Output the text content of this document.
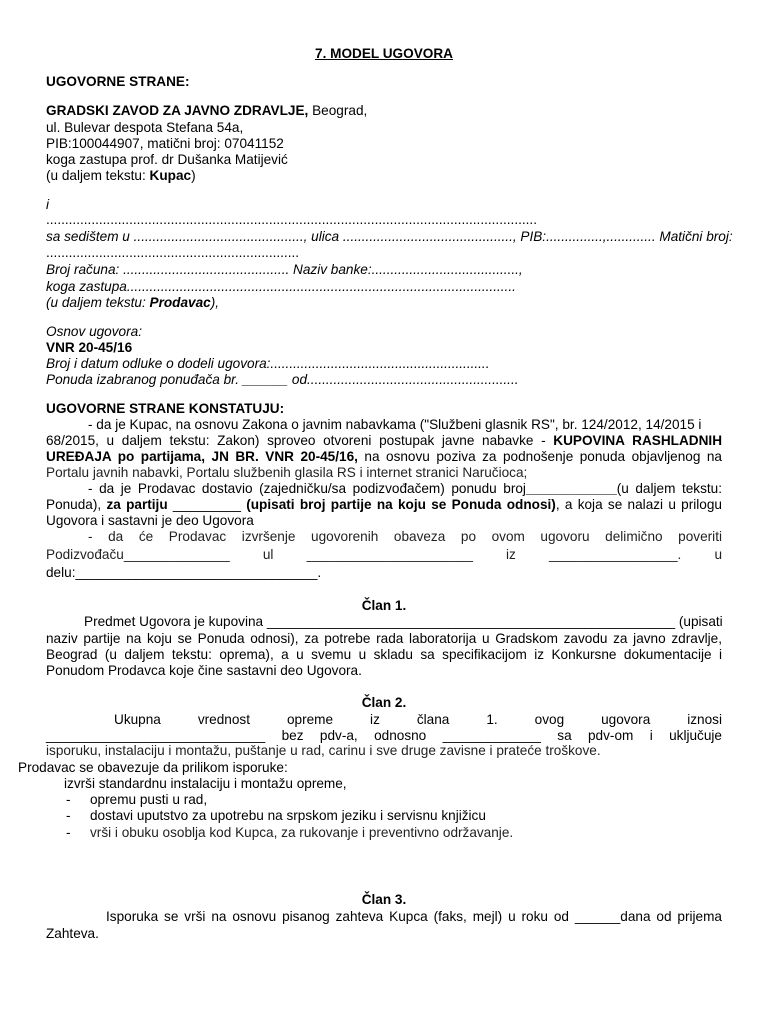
7. MODEL UGOVORA
UGOVORNE STRANE:
GRADSKI ZAVOD ZA JAVNO ZDRAVLJE, Beograd,
ul. Bulevar despota Stefana 54a,
PIB:100044907, matični broj: 07041152
koga zastupa prof. dr Dušanka Matijević
(u daljem tekstu: Kupac)
i
..................................................................................................................................
sa sedištem u ............................................., ulica ............................................., PIB:...............,............. Matični broj:
...................................................................
Broj računa: ............................................ Naziv banke:.......................................,
koga zastupa.......................................................................................................
(u daljem tekstu: Prodavac),
Osnov ugovora:
VNR 20-45/16
Broj i datum odluke o dodeli ugovora:..........................................................
Ponuda izabranog ponuđača br. ______ od........................................................
UGOVORNE STRANE KONSTATUJU:
- da je Kupac, na osnovu Zakona o javnim nabavkama ("Službeni glasnik RS", br. 124/2012, 14/2015 i
68/2015, u daljem tekstu: Zakon) sproveo otvoreni postupak javne nabavke - KUPOVINA RASHLADNIH
UREĐAJA po partijama, JN BR. VNR 20-45/16, na osnovu poziva za podnošenje ponuda objavljenog na
Portalu javnih nabavki, Portalu službenih glasila RS i internet stranici Naručioca;
- da je Prodavac dostavio (zajedničku/sa podizvođačem) ponudu broj____________(u daljem tekstu:
Ponuda), za partiju _________ (upisati broj partije na koju se Ponuda odnosi), a koja se nalazi u prilogu
Ugovora i sastavni je deo Ugovora
- da će Prodavac izvršenje ugovorenih obaveza po ovom ugovoru delimično poveriti
Podizvođaču______________ ul ______________________ iz _________________. u
delu:________________________________.
Član 1.
Predmet Ugovora je kupovina ______________________________________________________ (upisati
naziv partije na koju se Ponuda odnosi), za potrebe rada laboratorija u Gradskom zavodu za javno zdravlje,
Beograd (u daljem tekstu: oprema), a u svemu u skladu sa specifikacijom iz Konkursne dokumentacije i
Ponudom Prodavca koje čine sastavni deo Ugovora.
Član 2.
Ukupna vrednost opreme iz člana 1. ovog ugovora iznosi
_____________________________ bez pdv-a, odnosno _____________ sa pdv-om i uključuje
isporuku, instalaciju i montažu, puštanje u rad, carinu i sve druge zavisne i prateće troškove.
Prodavac se obavezuje da prilikom isporuke:
izvrši standardnu instalaciju i montažu opreme,
- opremu pusti u rad,
- dostavi uputstvo za upotrebu na srpskom jeziku i servisnu knjižicu
- vrši i obuku osoblja kod Kupca, za rukovanje i preventivno održavanje.
Član 3.
Isporuka se vrši na osnovu pisanog zahteva Kupca (faks, mejl) u roku od ______dana od prijema
Zahteva.
